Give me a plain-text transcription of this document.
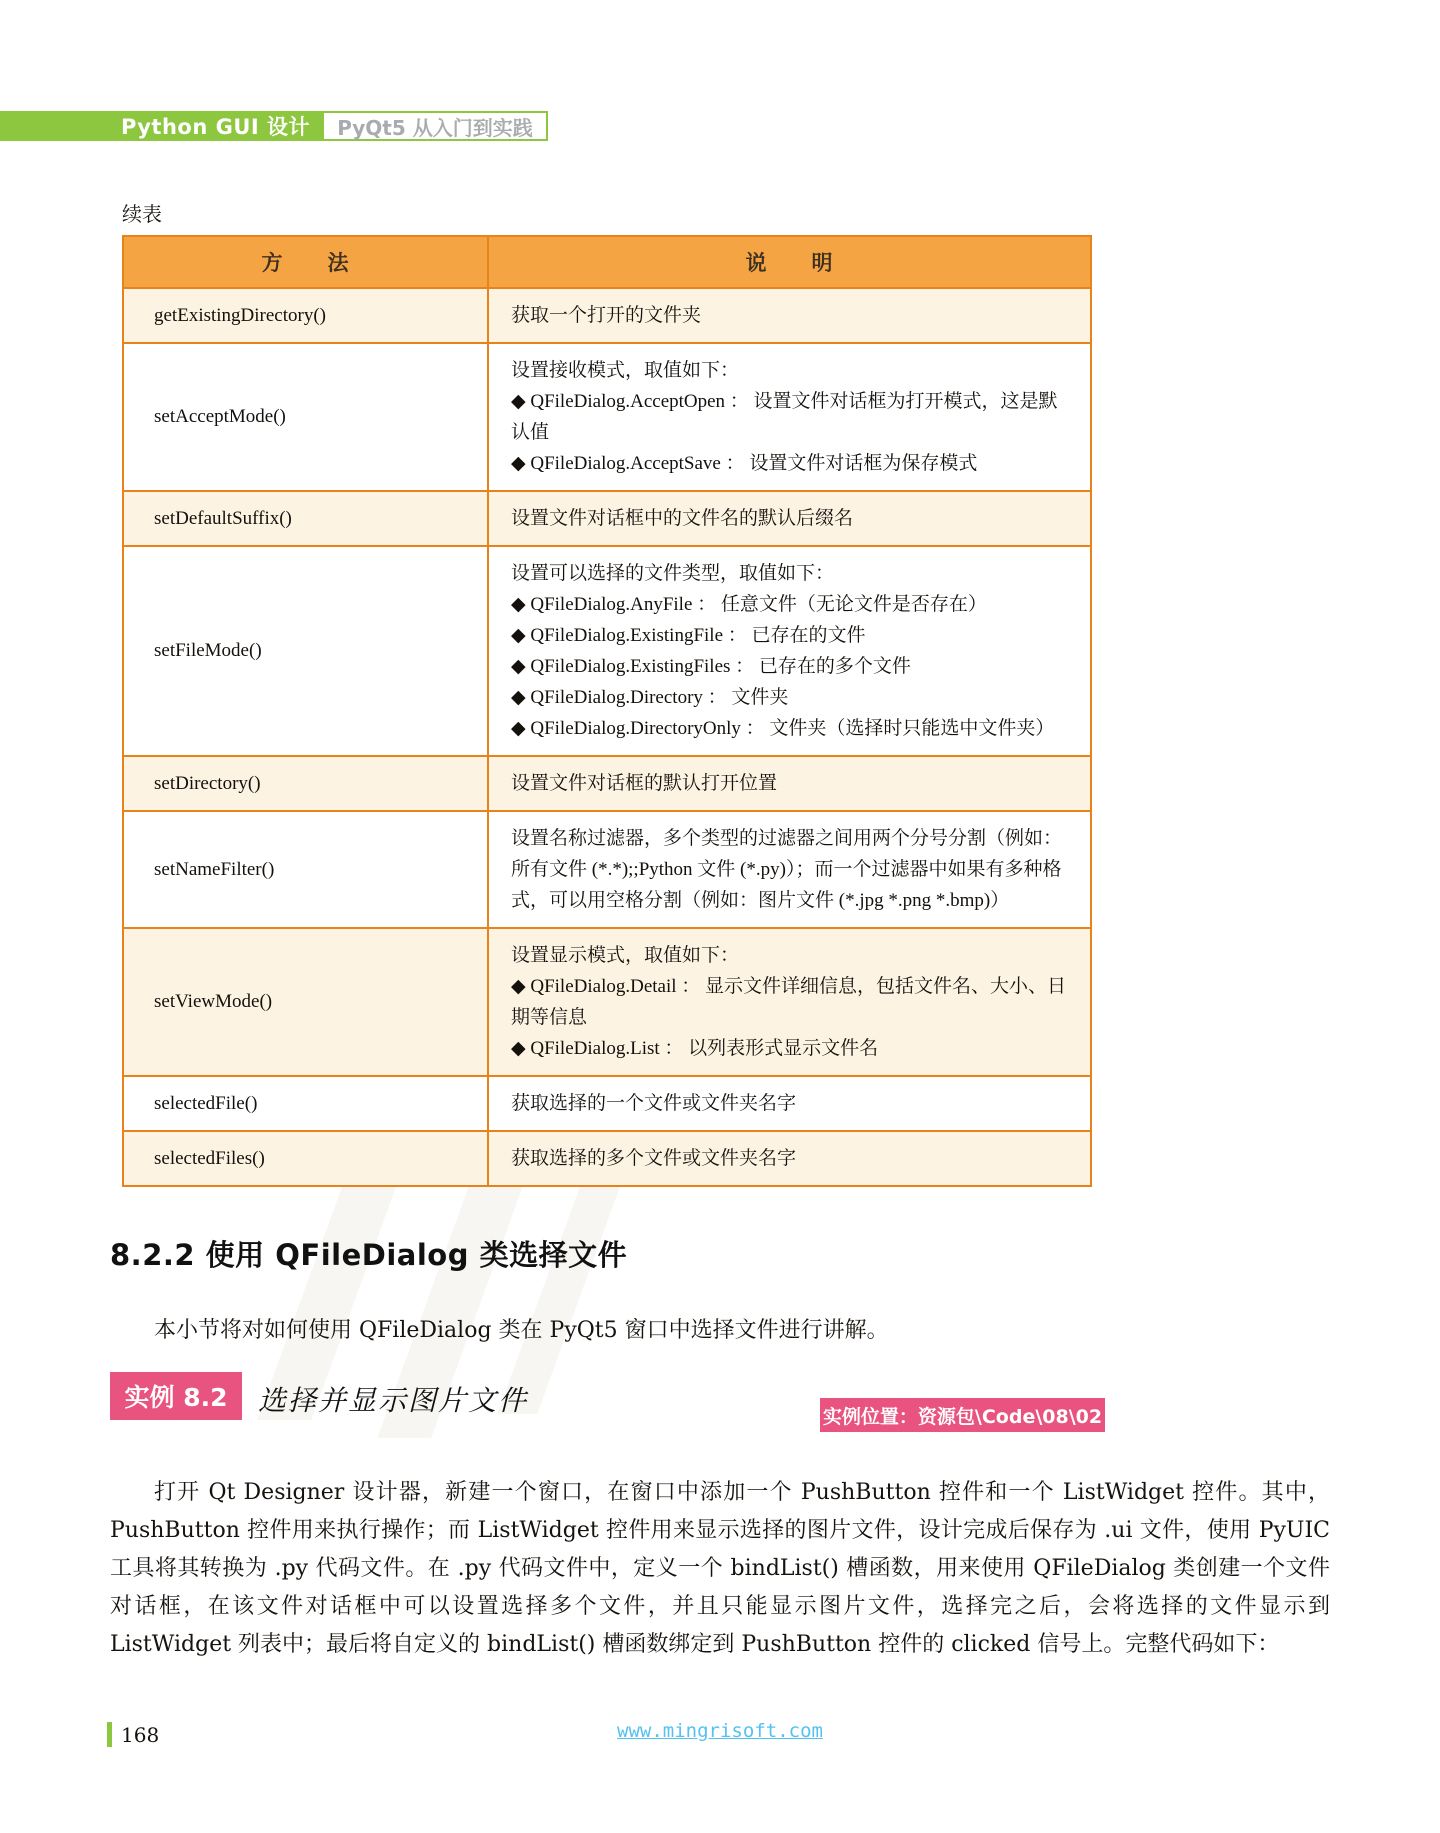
Python GUI 设计 PyQt5 从入门到实践
续表
方　　法	说　　明
getExistingDirectory()	获取一个打开的文件夹

setAcceptMode()	设置接收模式，取值如下：
◆ QFileDialog.AcceptOpen ： 设置文件对话框为打开模式，这是默认值
◆ QFileDialog.AcceptSave ： 设置文件对话框为保存模式

setDefaultSuffix()	设置文件对话框中的文件名的默认后缀名

setFileMode()	
设置可以选择的文件类型，取值如下：
◆ QFileDialog.AnyFile ： 任意文件（无论文件是否存在）
◆ QFileDialog.ExistingFile ： 已存在的文件
◆ QFileDialog.ExistingFiles ： 已存在的多个文件
◆ QFileDialog.Directory ： 文件夹
◆ QFileDialog.DirectoryOnly ： 文件夹（选择时只能选中文件夹）

setDirectory()	设置文件对话框的默认打开位置

setNameFilter()	设置名称过滤器，多个类型的过滤器之间用两个分号分割（例如：所有文件 (*.*);;Python 文件 (*.py)）；而一个过滤器中如果有多种格式，可以用空格分割（例如：图片文件 (*.jpg *.png *.bmp)）

setViewMode()	设置显示模式，取值如下：
◆ QFileDialog.Detail ： 显示文件详细信息，包括文件名、大小、日期等信息
◆ QFileDialog.List ： 以列表形式显示文件名

selectedFile()	获取选择的一个文件或文件夹名字

selectedFiles()	获取选择的多个文件或文件夹名字
8.2.2 使用 QFileDialog 类选择文件

本小节将对如何使用 QFileDialog 类在 PyQt5 窗口中选择文件进行讲解。

实例 8.2	选择并显示图片文件	实例位置：资源包\Code\08\02

打开 Qt Designer 设计器，新建一个窗口，在窗口中添加一个 PushButton 控件和一个 ListWidget 控件。其中，PushButton 控件用来执行操作；而 ListWidget 控件用来显示选择的图片文件，设计完成后保存为 .ui 文件，使用 PyUIC 工具将其转换为 .py 代码文件。在 .py 代码文件中，定义一个 bindList() 槽函数，用来使用 QFileDialog 类创建一个文件对话框，在该文件对话框中可以设置选择多个文件，并且只能显示图片文件，选择完之后，会将选择的文件显示到 ListWidget 列表中；最后将自定义的 bindList() 槽函数绑定到 PushButton 控件的 clicked 信号上。完整代码如下：

168	www.mingrisoft.com
